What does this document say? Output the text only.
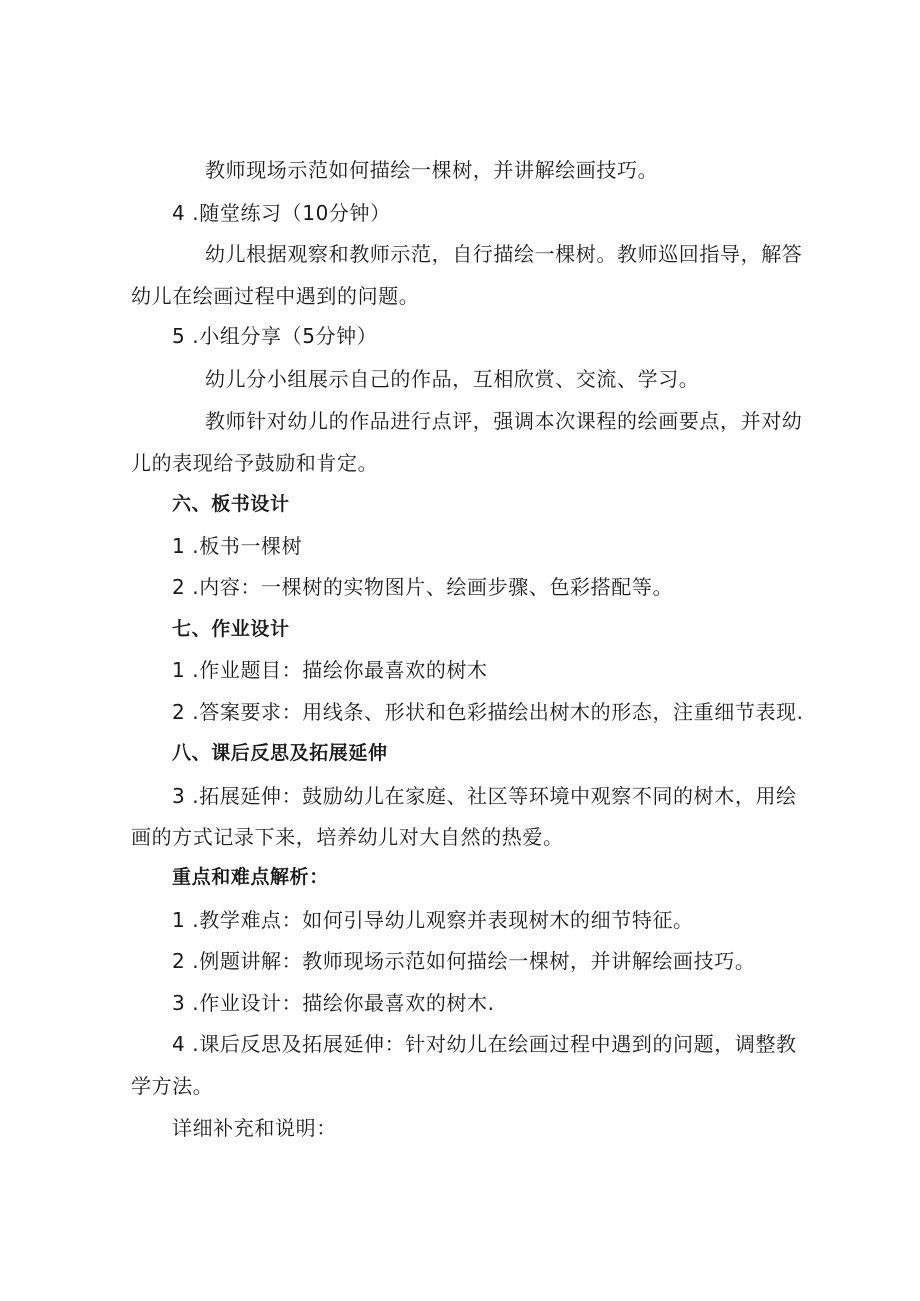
教师现场示范如何描绘一棵树，并讲解绘画技巧。
4 .随堂练习（10分钟）
幼儿根据观察和教师示范，自行描绘一棵树。教师巡回指导，解答
幼儿在绘画过程中遇到的问题。
5 .小组分享（5分钟）
幼儿分小组展示自己的作品，互相欣赏、交流、学习。
教师针对幼儿的作品进行点评，强调本次课程的绘画要点，并对幼
儿的表现给予鼓励和肯定。
六、板书设计
1 .板书一棵树
2 .内容：一棵树的实物图片、绘画步骤、色彩搭配等。
七、作业设计
1 .作业题目：描绘你最喜欢的树木
2 .答案要求：用线条、形状和色彩描绘出树木的形态，注重细节表现.
八、课后反思及拓展延伸
3 .拓展延伸：鼓励幼儿在家庭、社区等环境中观察不同的树木，用绘
画的方式记录下来，培养幼儿对大自然的热爱。
重点和难点解析：
1 .教学难点：如何引导幼儿观察并表现树木的细节特征。
2 .例题讲解：教师现场示范如何描绘一棵树，并讲解绘画技巧。
3 .作业设计：描绘你最喜欢的树木.
4 .课后反思及拓展延伸：针对幼儿在绘画过程中遇到的问题，调整教
学方法。
详细补充和说明：
